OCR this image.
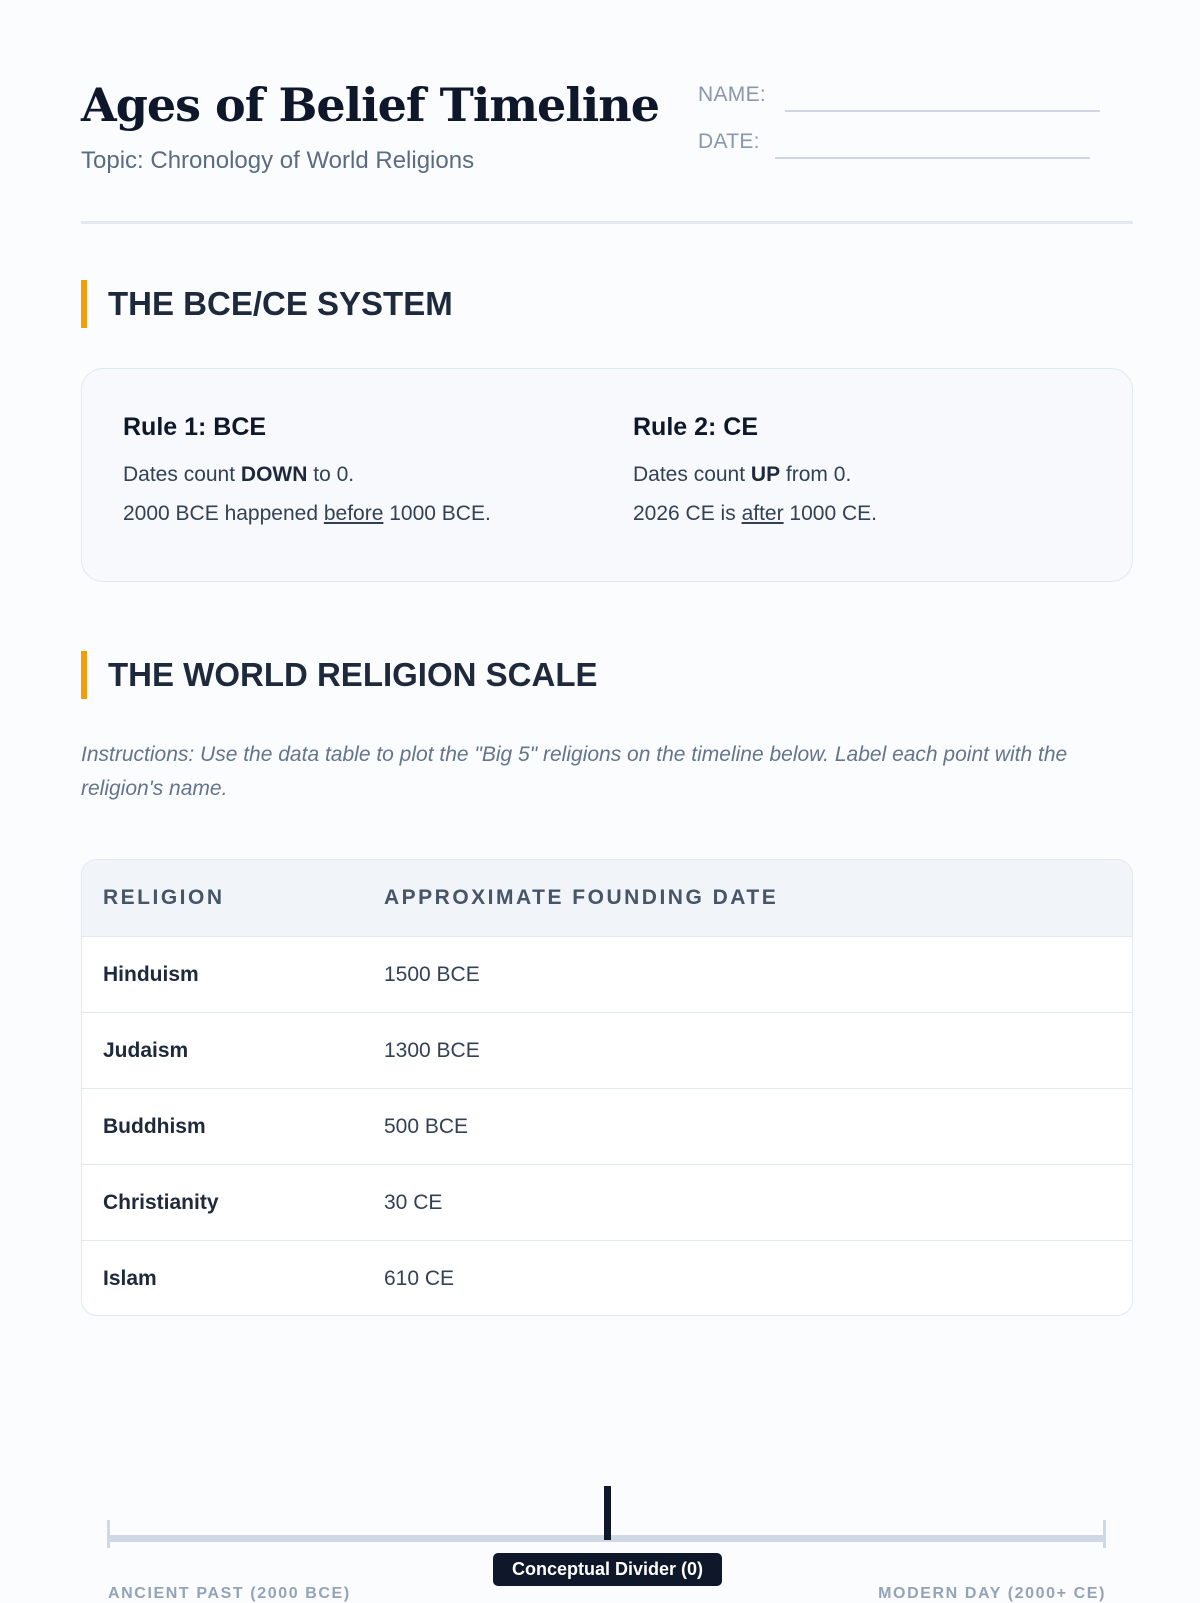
Ages of Belief Timeline
Topic: Chronology of World Religions
NAME:
DATE:
THE BCE/CE SYSTEM
Rule 1: BCE

Dates count DOWN to 0.

2000 BCE happened before 1000 BCE.

Rule 2: CE

Dates count UP from 0.

2026 CE is after 1000 CE.

THE WORLD RELIGION SCALE
Instructions: Use the data table to plot the "Big 5" religions on the timeline below. Label each point with the religion's name.
RELIGION	APPROXIMATE FOUNDING DATE
Hinduism	1500 BCE
Judaism	1300 BCE
Buddhism	500 BCE
Christianity	30 CE
Islam	610 CE
Conceptual Divider (0)
ANCIENT PAST (2000 BCE)	MODERN DAY (2000+ CE)
